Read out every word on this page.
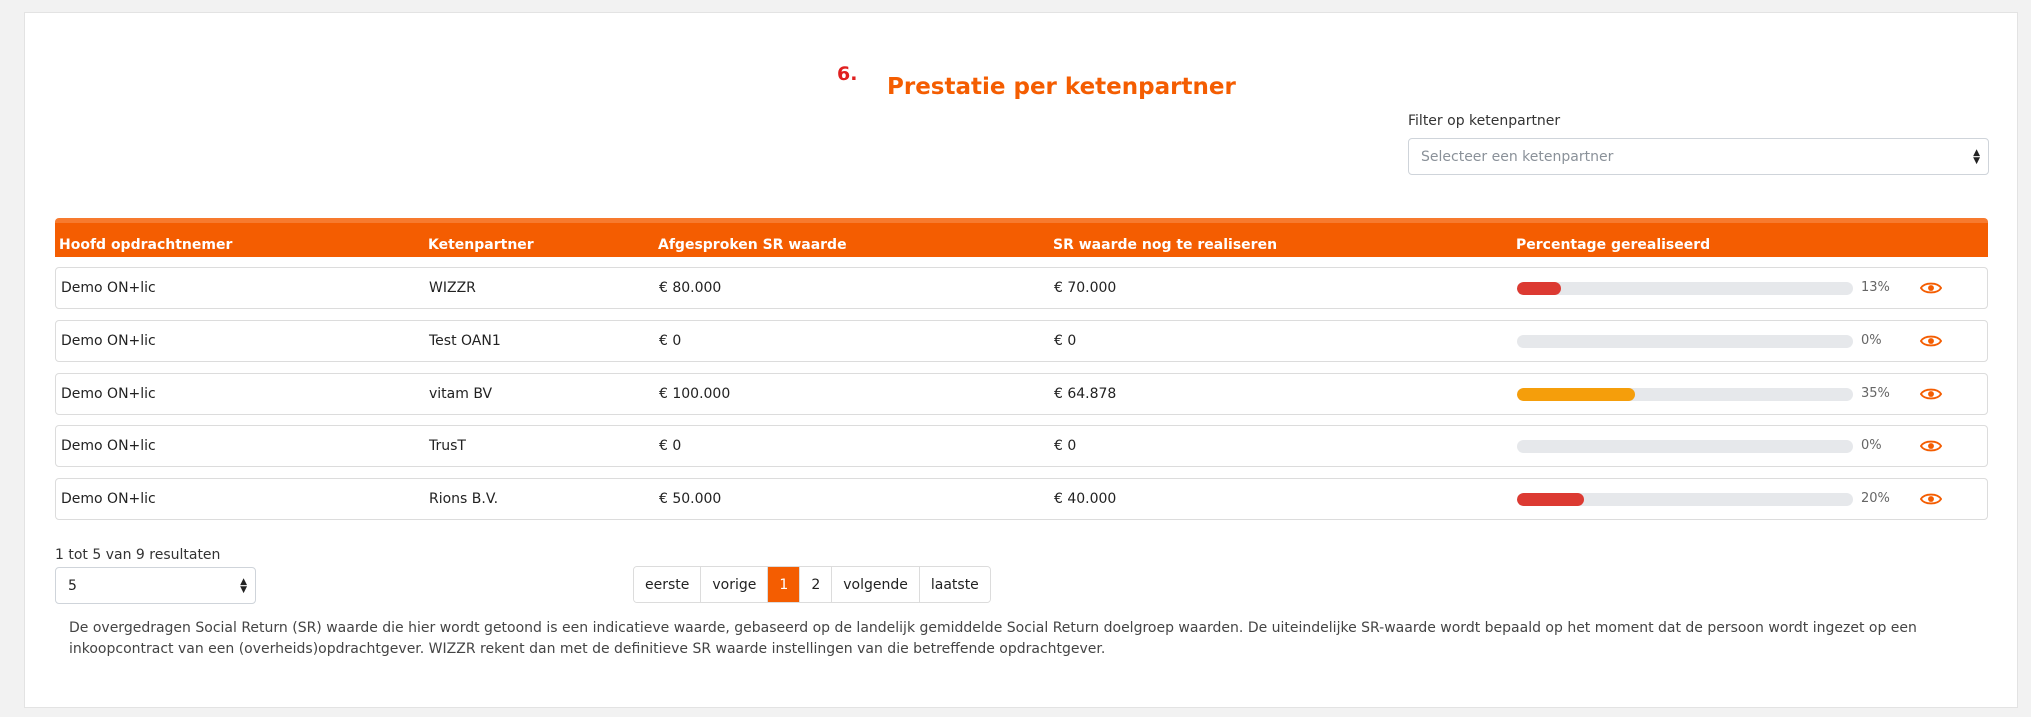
6. Prestatie per ketenpartner
Filter op ketenpartner
Selecteer een ketenpartner	▲
▼
Hoofd opdrachtnemer	Ketenpartner	Afgesproken SR waarde	SR waarde nog te realiseren	Percentage gerealiseerd
Demo ON+lic	WIZZR	€ 80.000	€ 70.000	13%
Demo ON+lic	Test OAN1	€ 0	€ 0	0%
Demo ON+lic	vitam BV	€ 100.000	€ 64.878	35%
Demo ON+lic	TrusT	€ 0	€ 0	0%
Demo ON+lic	Rions B.V.	€ 50.000	€ 40.000	20%
1 tot 5 van 9 resultaten
5	▲
▼	eerste	vorige	1	2	volgende	laatste
De overgedragen Social Return (SR) waarde die hier wordt getoond is een indicatieve waarde, gebaseerd op de landelijk gemiddelde Social Return doelgroep waarden. De uiteindelijke SR-waarde wordt bepaald op het moment dat de persoon wordt ingezet op een inkoopcontract van een (overheids)opdrachtgever. WIZZR rekent dan met de definitieve SR waarde instellingen van die betreffende opdrachtgever.
